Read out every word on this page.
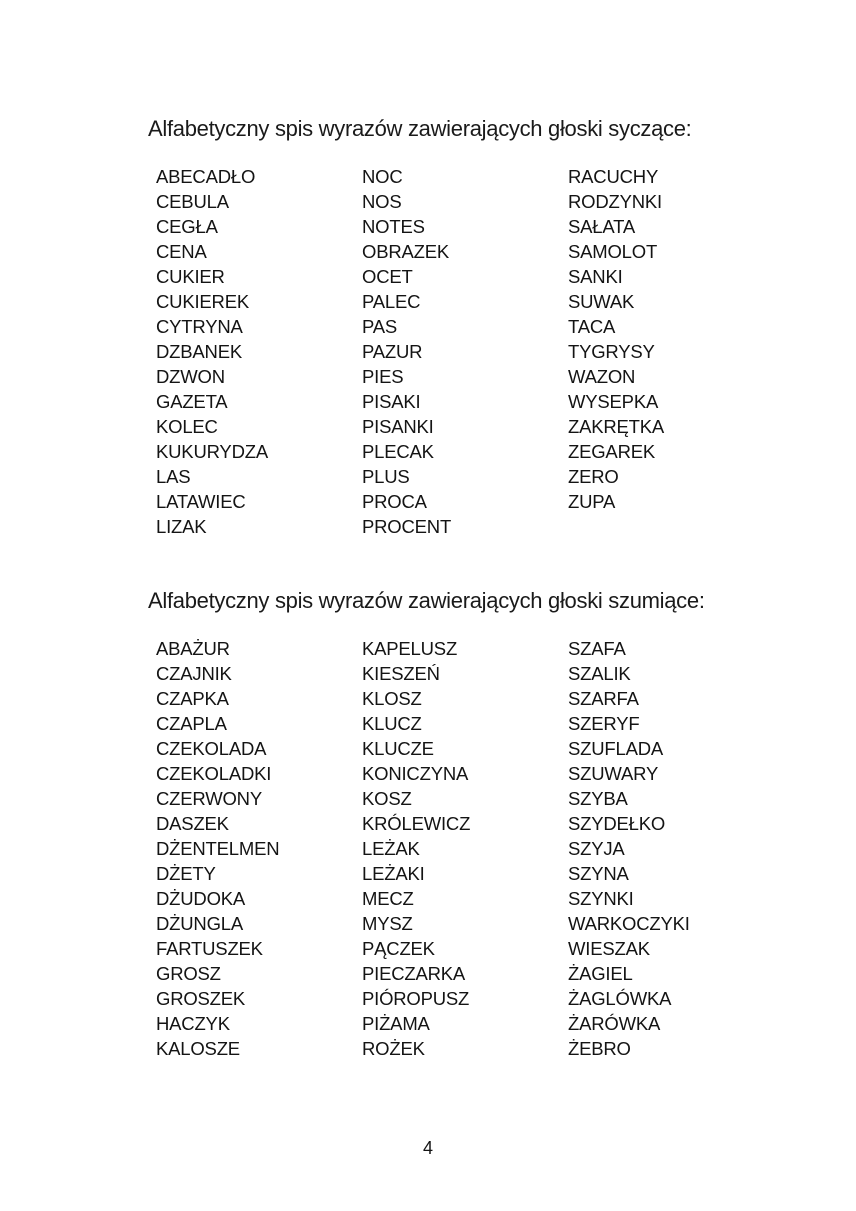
Alfabetyczny spis wyrazów zawierających głoski syczące:
ABECADŁO
CEBULA
CEGŁA
CENA
CUKIER
CUKIEREK
CYTRYNA
DZBANEK
DZWON
GAZETA
KOLEC
KUKURYDZA
LAS
LATAWIEC
LIZAK
NOC
NOS
NOTES
OBRAZEK
OCET
PALEC
PAS
PAZUR
PIES
PISAKI
PISANKI
PLECAK
PLUS
PROCA
PROCENT
RACUCHY
RODZYNKI
SAŁATA
SAMOLOT
SANKI
SUWAK
TACA
TYGRYSY
WAZON
WYSEPKA
ZAKRĘTKA
ZEGAREK
ZERO
ZUPA
Alfabetyczny spis wyrazów zawierających głoski szumiące:
ABAŻUR
CZAJNIK
CZAPKA
CZAPLA
CZEKOLADA
CZEKOLADKI
CZERWONY
DASZEK
DŻENTELMEN
DŻETY
DŻUDOKA
DŻUNGLA
FARTUSZEK
GROSZ
GROSZEK
HACZYK
KALOSZE
KAPELUSZ
KIESZEŃ
KLOSZ
KLUCZ
KLUCZE
KONICZYNA
KOSZ
KRÓLEWICZ
LEŻAK
LEŻAKI
MECZ
MYSZ
PĄCZEK
PIECZARKA
PIÓROPUSZ
PIŻAMA
ROŻEK
SZAFA
SZALIK
SZARFA
SZERYF
SZUFLADA
SZUWARY
SZYBA
SZYDEŁKO
SZYJA
SZYNA
SZYNKI
WARKOCZYKI
WIESZAK
ŻAGIEL
ŻAGLÓWKA
ŻARÓWKA
ŻEBRO
4
